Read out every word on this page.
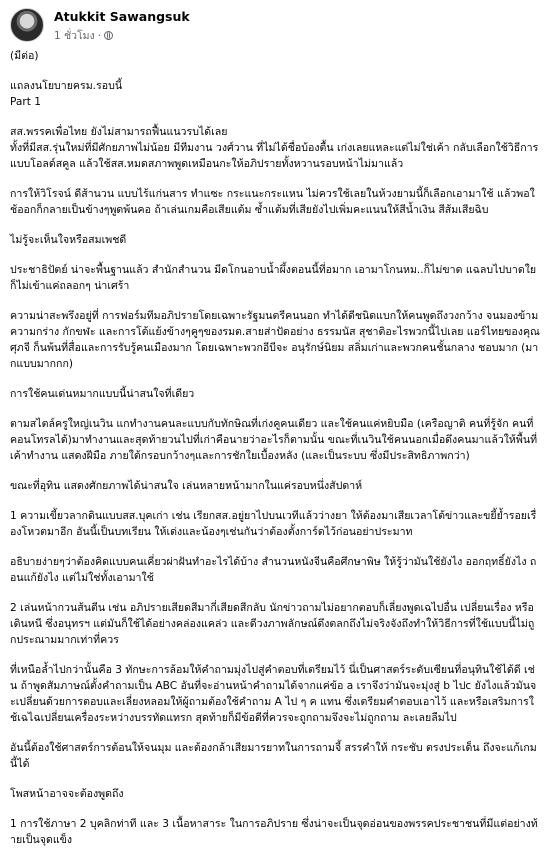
Atukkit Sawangsuk
1 ชั่วโมง ·

(มีต่อ)

แถลงนโยบายครม.รอบนี้
Part 1

สส.พรรคเพื่อไทย ยังไม่สามารถฟื้นแนวรบได้เลย
ทั้งที่มีสส.รุ่นใหม่ที่มีศักยภาพไม่น้อย มีทีมงาน วงศ์วาน ที่ไม่ได้ชื่อบ้องตื้น เก่งเลยแหละแต่ไม่ใช่เค้า กลับเลือกใช้วิธีการแบบโอลด์สคูล แล้วใช้สส.หมดสภาพพูดเหมือนกะให้อภิปรายทั้งหวานรอบหน้าไม่มาแล้ว

การให้วิโรจน์ ดีส้านวน แบบไร้แก่นสาร ทำแซะ กระแนะกระแหน ไม่ควรใช้เลยในห้วงยามนี้ก็เลือกเอามาใช้ แล้วพอใช้ออกก็กลายเป็นข้างๆพูดพ้นคอ ถ้าเล่นเกมคือเสียแต้ม ซ้ำแต้มที่เสียยังไปเพิ่มคะแนนให้สีน้ำเงิน สีส้มเสียฉิบ

ไม่รู้จะเห็นใจหรือสมเพชดี

ประชาธิปัตย์ น่าจะพื้นฐานแล้ว สำนักสำนวน มีดโกนอาบน้ำผึ้งตอนนี้ที่อมาก เอามาโกนหม..ก็ไม่ขาด แฉลบไปบาดใยก็ไม่เข้าแค่ถลอกๆ น่าเศร้า

ความน่าสะพรึงอยู่ที่ การฟอร์มทีมอภิปรายโดยเฉพาะรัฐมนตรีคนนอก ทำได้ดีชนิดแบกให้คนพูดถึงวงกว้าง จนมองข้ามความกร่าง กักขฬะ และการโต้แย้งข้างๆคูๆของรมต.สายส่าปัดอย่าง ธรรมนัส สุชาติอะไรพวกนี้ไปเลย แอร์ไทยของคุณศุภจี ก็นพ้นที่สื่อและการรับรู้คนเมืองมาก โดยเฉพาะพวกอีบีจะ อนุรักษ์นิยม สลิ่มเก่าและพวกคนชั้นกลาง ชอบมาก (มากแบบมากกก)

การใช้คนเด่นหมากแบบนี้น่าสนใจที่เดียว

ตามสไตล์ครูใหญ่เนวิน แกทำงานคนละแบบกับทักษิณที่เก่งคูคนเดียว และใช้คนแค่หยิบมือ (เครือญาติ คนที่รู้จัก คนที่คอนโทรลได้)มาทำงานและสุดท้ายวนไปที่เก่าคือนายว่าอะไรก็ตามนั้น ขณะที่เนวินใช้คนนอกเมื่อดึงคนมาแล้วให้พื้นที่เค้าทำงาน แสดงฝีมือ ภายใต้กรอบกว้างๆและการชักใยเบื้องหลัง (และเป็นระบบ ซึ่งมีประสิทธิภาพกว่า)

ขณะที่อุทิน แสดงศักยภาพได้น่าสนใจ เล่นหลายหน้ามากในแค่รอบหนึ่งสัปดาห์

1 ความเขี้ยวลากดินแบบสส.บุคเก่า เช่น เรียกสส.อยู่ยาไปบนเวทีแล้วว่างยา ให้ต้องมาเสียเวลาโต้ข่าวและขยี้ย้ำรอยเรื่องโหวตมาอีก อันนี้เป็นบทเรียน ให้เด่งและน้องๆเช่นกันว่าต้องตั้งการ์ดไว้ก่อนอย่าประมาท

อธิบายง่ายๆว่าต้องคิดแบบคนเคี่ยวผ่าฝันทำอะไรได้บ้าง สำนวนหนังจีนคือศึกษาพิษ ให้รู้ว่ามันใช้ยังไง ออกฤทธิ์ยังไง ถอนแก้ยังไง แต่ไม่ใช่ทั้งเอามาใช้

2 เล่นหน้ากวนส้นตีน เช่น อภิปรายเสียดสีมากี่เสียดสีกลับ นักข่าวถามไม่อยากตอบก็เลี่ยงพูดเฉไปอื่น เปลี่ยนเรื่อง หรือ เดินหนี ซึ่งอนุทรฯ แต่มันก็ใช้ได้อย่างคล่องแคล่ว และดีวงภาพลักษณ์ดึงตลกถึงไม่จริงจังถึงทำให้วิธีการที่ใช้แบบนี้ไม่ถูกประณามมากเท่าที่ควร

ที่เหนือล้ำไปกว่านั้นคือ 3 ทักษะการล้อมให้คำถามมุ่งไปสู่คำตอบที่เตรียมไว้ นี่เป็นศาสตร์ระดับเซียนที่อนุทินใช้ได้ดี เช่น ถ้าพูดสัมภาษณ์ตั้งคำถามเป็น ABC อันที่จะอ่านหน้าคำถามได้จากแค่ข้อ a เราจึงว่ามันจะมุ่งสู่ b ไปc ยังไงแล้วมันจะเปลี่ยนด้วยการตอบและเลี่ยงหลอมให้ผู้ถามต้องใช้คำถาม A ไป ๆ ค แทน ซึ่งเตรียมคำตอบเอาไว้ และหรือเสริมการใช้เฉไฉเปลี่ยนเครื่องระหว่างบรรทัดแทรก สุดท้ายก็มีข้อดีที่ควรจะถูกถามจึงจะไม่ถูกถาม ละเลยลืมไป

อันนี้ต้องใช้ศาสตร์การต้อนให้จนมุม และต้องกล้าเสียมารยาทในการถามจี้ สรรคำให้ กระชับ ตรงประเด็น ถึงจะแก้เกมนี้ได้

โพสหน้าอาจจะต้องพูดถึง

1 การใช้ภาษา 2 บุคลิกท่าที และ 3 เนื้อหาสาระ ในการอภิปราย ซึ่งน่าจะเป็นจุดอ่อนของพรรคประชาชนที่มีแต่อย่างท้ายเป็นจุดแข็ง
